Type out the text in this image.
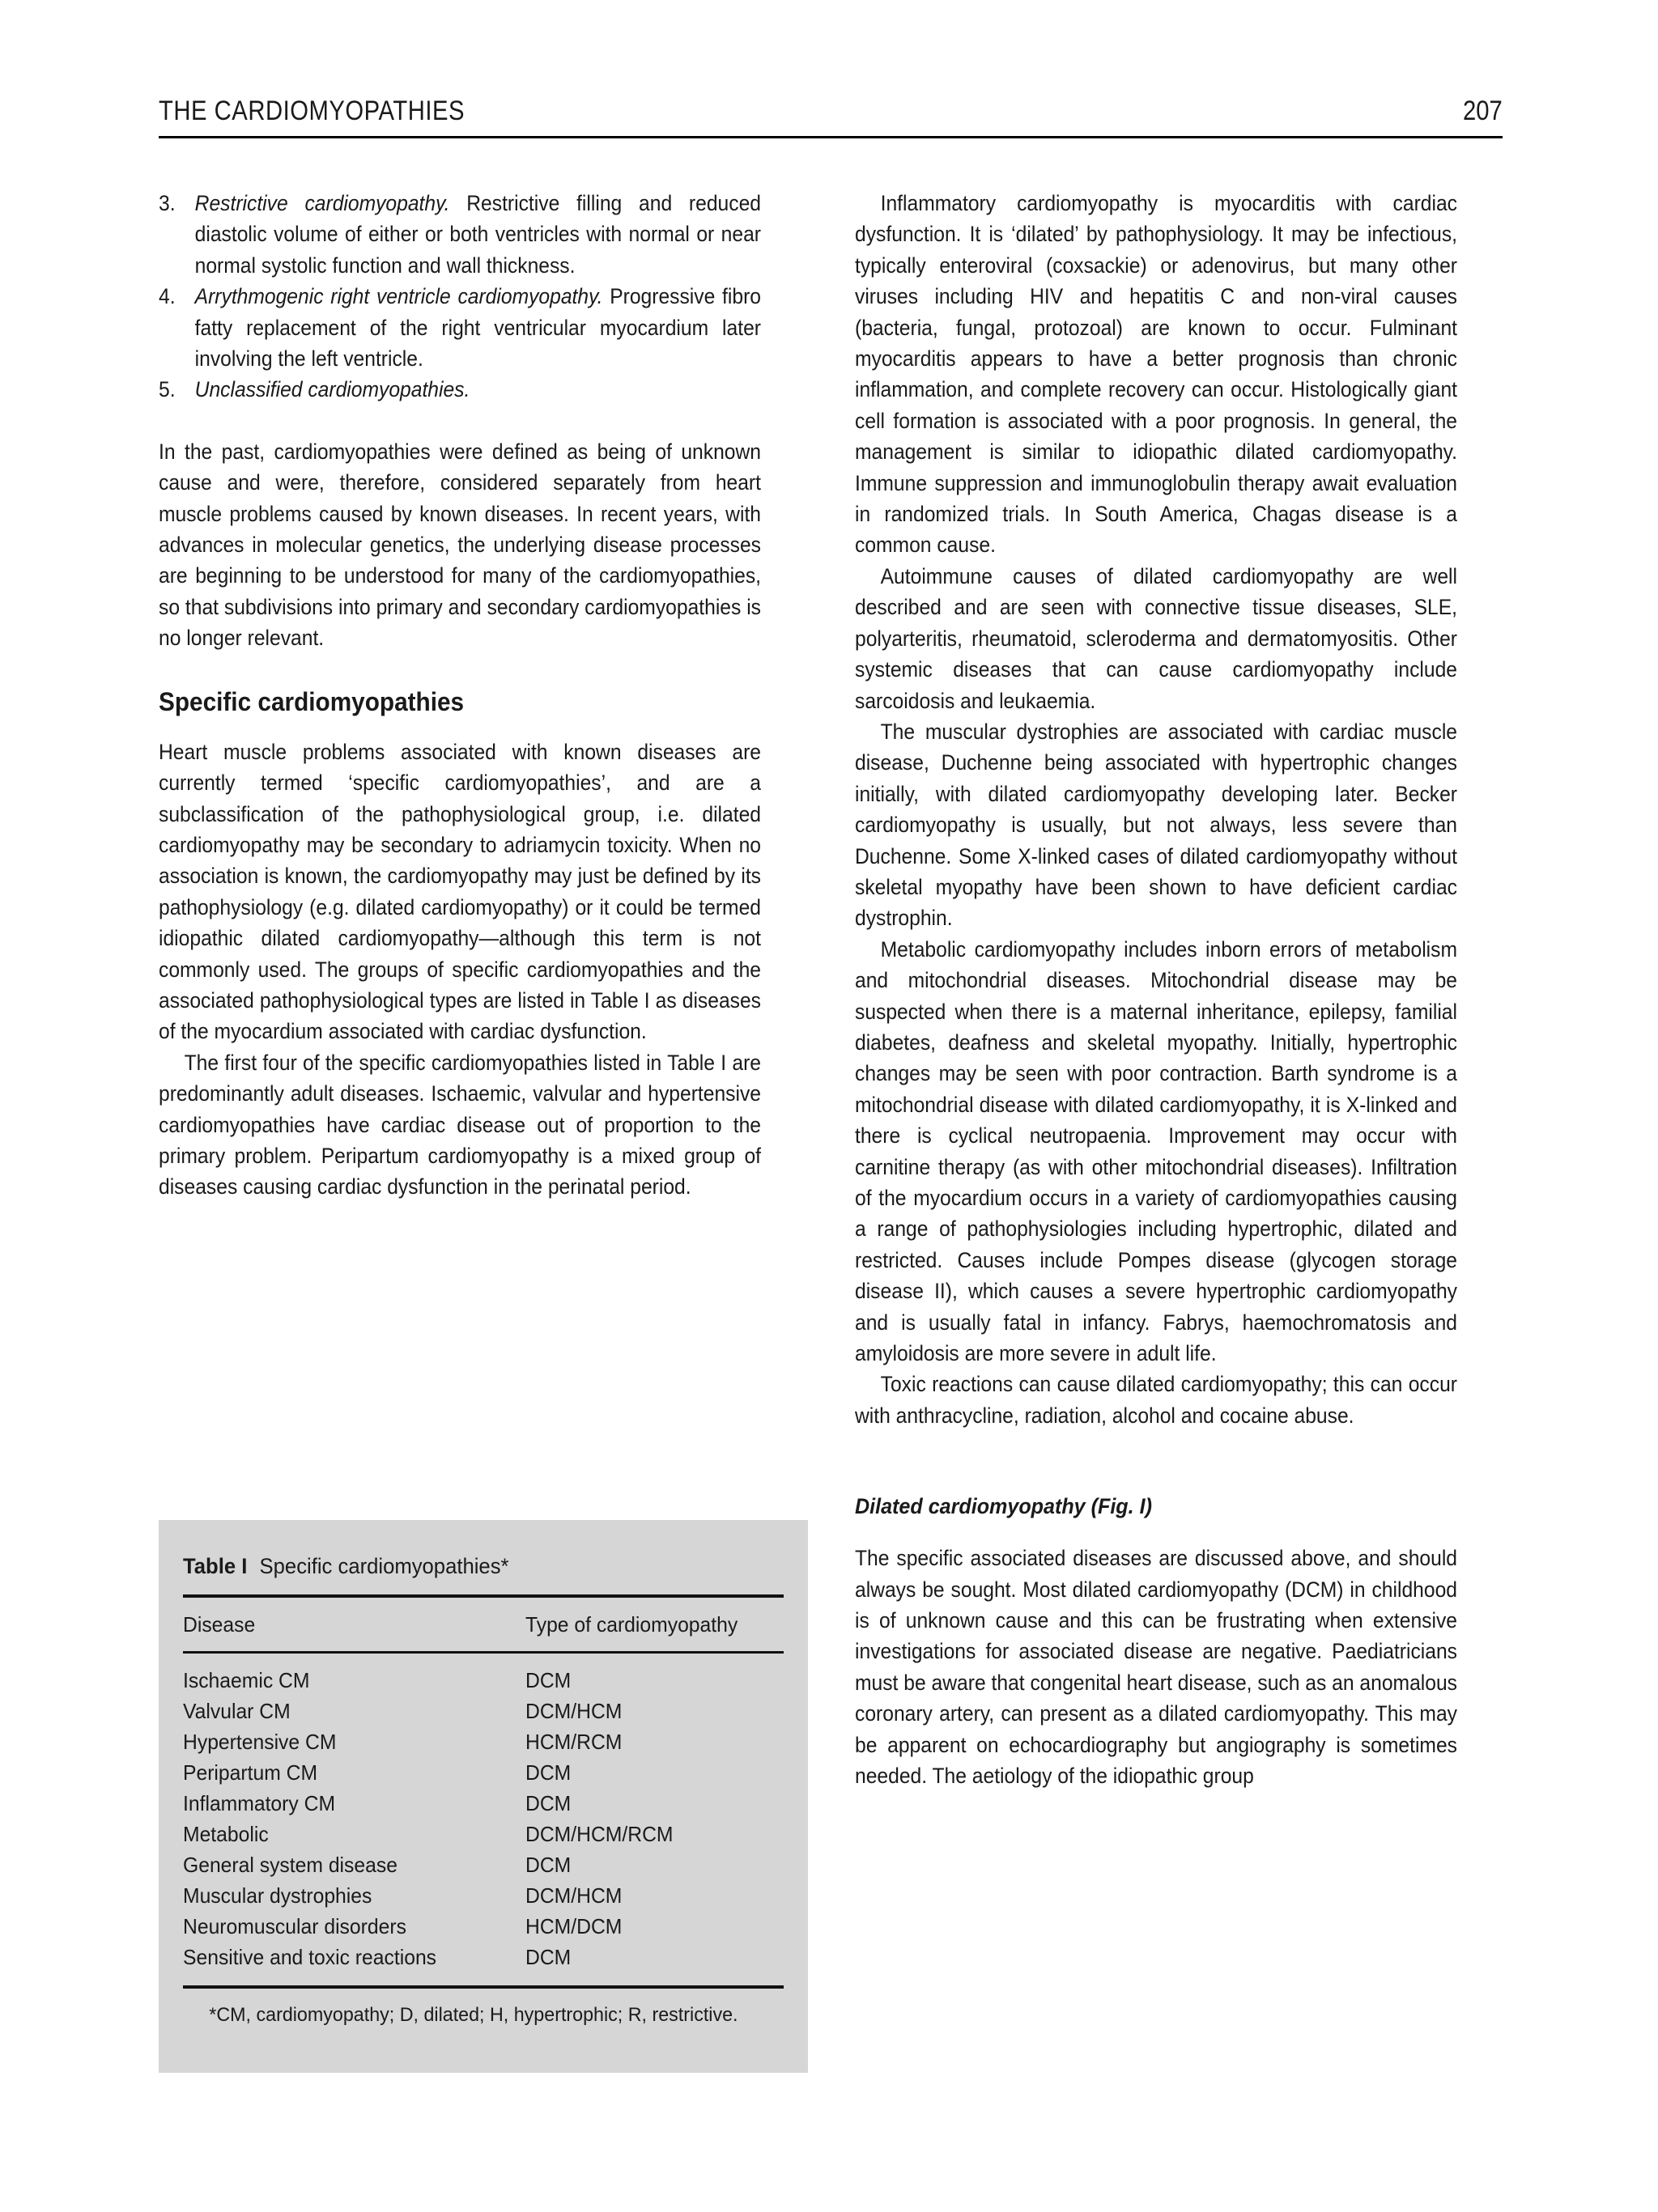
THE CARDIOMYOPATHIES	207
3. Restrictive cardiomyopathy. Restrictive filling and reduced diastolic volume of either or both ventricles with normal or near normal systolic function and wall thickness.
4. Arrythmogenic right ventricle cardiomyopathy. Progressive fibro fatty replacement of the right ventricular myocardium later involving the left ventricle.
5. Unclassified cardiomyopathies.

In the past, cardiomyopathies were defined as being of unknown cause and were, therefore, considered separately from heart muscle problems caused by known diseases. In recent years, with advances in molecular genetics, the underlying disease processes are beginning to be understood for many of the cardiomyopathies, so that subdivisions into primary and secondary cardiomyopathies is no longer relevant.

Specific cardiomyopathies

Heart muscle problems associated with known diseases are currently termed ‘specific cardiomyopathies’, and are a subclassification of the pathophysiological group, i.e. dilated cardiomyopathy may be secondary to adriamycin toxicity. When no association is known, the cardiomyopathy may just be defined by its pathophysiology (e.g. dilated cardiomyopathy) or it could be termed idiopathic dilated cardiomyopathy—although this term is not commonly used. The groups of specific cardiomyopathies and the associated pathophysiological types are listed in Table I as diseases of the myocardium associated with cardiac dysfunction.

The first four of the specific cardiomyopathies listed in Table I are predominantly adult diseases. Ischaemic, valvular and hypertensive cardiomyopathies have cardiac disease out of proportion to the primary problem. Peripartum cardiomyopathy is a mixed group of diseases causing cardiac dysfunction in the perinatal period.

Inflammatory cardiomyopathy is myocarditis with cardiac dysfunction. It is ‘dilated’ by pathophysiology. It may be infectious, typically enteroviral (coxsackie) or adenovirus, but many other viruses including HIV and hepatitis C and non-viral causes (bacteria, fungal, protozoal) are known to occur. Fulminant myocarditis appears to have a better prognosis than chronic inflammation, and complete recovery can occur. Histologically giant cell formation is associated with a poor prognosis. In general, the management is similar to idiopathic dilated cardiomyopathy. Immune suppression and immunoglobulin therapy await evaluation in randomized trials. In South America, Chagas disease is a common cause.

Autoimmune causes of dilated cardiomyopathy are well described and are seen with connective tissue diseases, SLE, polyarteritis, rheumatoid, scleroderma and dermatomyositis. Other systemic diseases that can cause cardiomyopathy include sarcoidosis and leukaemia.

The muscular dystrophies are associated with cardiac muscle disease, Duchenne being associated with hypertrophic changes initially, with dilated cardiomyopathy developing later. Becker cardiomyopathy is usually, but not always, less severe than Duchenne. Some X-linked cases of dilated cardiomyopathy without skeletal myopathy have been shown to have deficient cardiac dystrophin.

Metabolic cardiomyopathy includes inborn errors of metabolism and mitochondrial diseases. Mitochondrial disease may be suspected when there is a maternal inheritance, epilepsy, familial diabetes, deafness and skeletal myopathy. Initially, hypertrophic changes may be seen with poor contraction. Barth syndrome is a mitochondrial disease with dilated cardiomyopathy, it is X-linked and there is cyclical neutropaenia. Improvement may occur with carnitine therapy (as with other mitochondrial diseases). Infiltration of the myocardium occurs in a variety of cardiomyopathies causing a range of pathophysiologies including hypertrophic, dilated and restricted. Causes include Pompes disease (glycogen storage disease II), which causes a severe hypertrophic cardiomyopathy and is usually fatal in infancy. Fabrys, haemochromatosis and amyloidosis are more severe in adult life.

Toxic reactions can cause dilated cardiomyopathy; this can occur with anthracycline, radiation, alcohol and cocaine abuse.

Dilated cardiomyopathy (Fig. I)

The specific associated diseases are discussed above, and should always be sought. Most dilated cardiomyopathy (DCM) in childhood is of unknown cause and this can be frustrating when extensive investigations for associated disease are negative. Paediatricians must be aware that congenital heart disease, such as an anomalous coronary artery, can present as a dilated cardiomyopathy. This may be apparent on echocardiography but angiography is sometimes needed. The aetiology of the idiopathic group

Table I Specific cardiomyopathies*
Disease	Type of cardiomyopathy

Ischaemic CM	DCM
Valvular CM	DCM/HCM
Hypertensive CM	HCM/RCM
Peripartum CM	DCM
Inflammatory CM	DCM
Metabolic	DCM/HCM/RCM
General system disease	DCM
Muscular dystrophies	DCM/HCM
Neuromuscular disorders	HCM/DCM
Sensitive and toxic reactions	DCM

*CM, cardiomyopathy; D, dilated; H, hypertrophic; R, restrictive.
